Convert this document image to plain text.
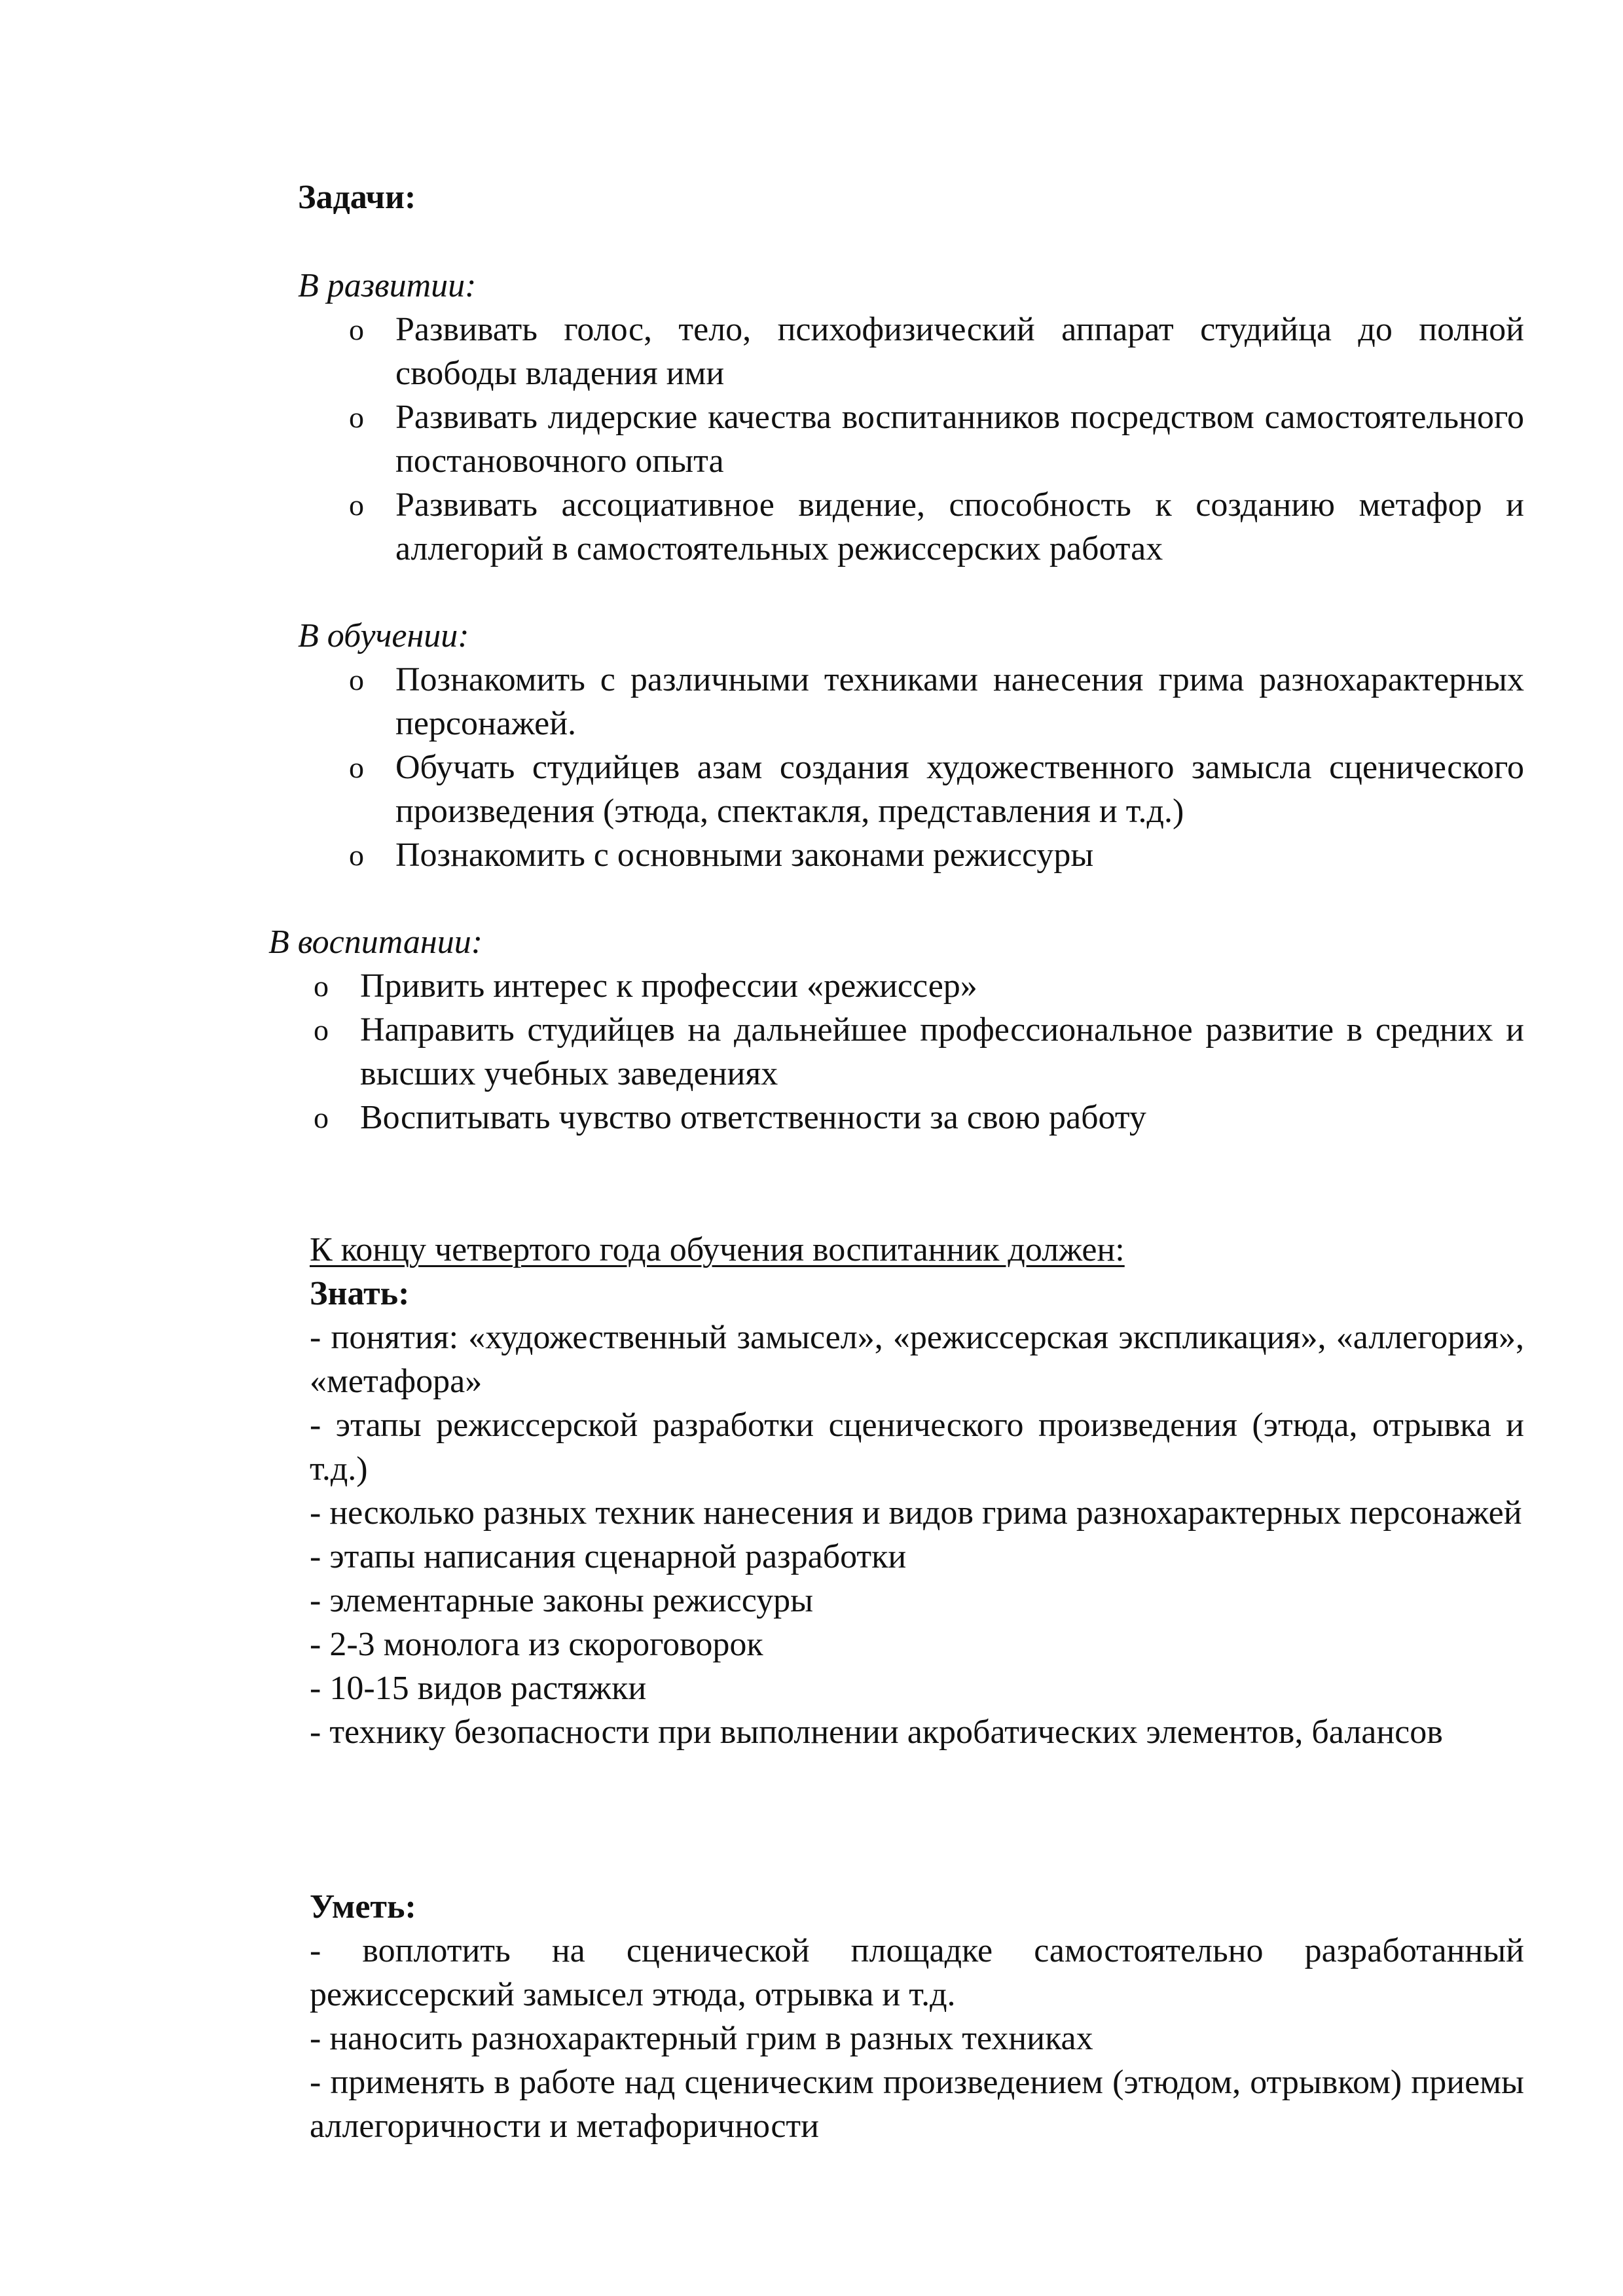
Задачи:
В развитии:
o Развивать голос, тело, психофизический аппарат студийца до полной свободы владения ими
o Развивать лидерские качества воспитанников посредством самостоятельного постановочного опыта
o Развивать ассоциативное видение, способность к созданию метафор и аллегорий в самостоятельных режиссерских работах
В обучении:
o Познакомить с различными техниками нанесения грима разнохарактерных персонажей.
o Обучать студийцев азам создания художественного замысла сценического произведения (этюда, спектакля, представления и т.д.)
o Познакомить с основными законами режиссуры
В воспитании:
o Привить интерес к профессии «режиссер»
o Направить студийцев на дальнейшее профессиональное развитие в средних и высших учебных заведениях
o Воспитывать чувство ответственности за свою работу
К концу четвертого года обучения воспитанник должен:
Знать:

- понятия: «художественный замысел», «режиссерская экспликация», «аллегория», «метафора»

- этапы режиссерской разработки сценического произведения (этюда, отрывка и т.д.)

- несколько разных техник нанесения и видов грима разнохарактерных персонажей

- этапы написания сценарной разработки

- элементарные законы режиссуры

- 2-3 монолога из скороговорок

- 10-15 видов растяжки

- технику безопасности при выполнении акробатических элементов, балансов

Уметь:

- воплотить на сценической площадке самостоятельно разработанный режиссерский замысел этюда, отрывка и т.д.

- наносить разнохарактерный грим в разных техниках

- применять в работе над сценическим произведением (этюдом, отрывком) приемы аллегоричности и метафоричности
